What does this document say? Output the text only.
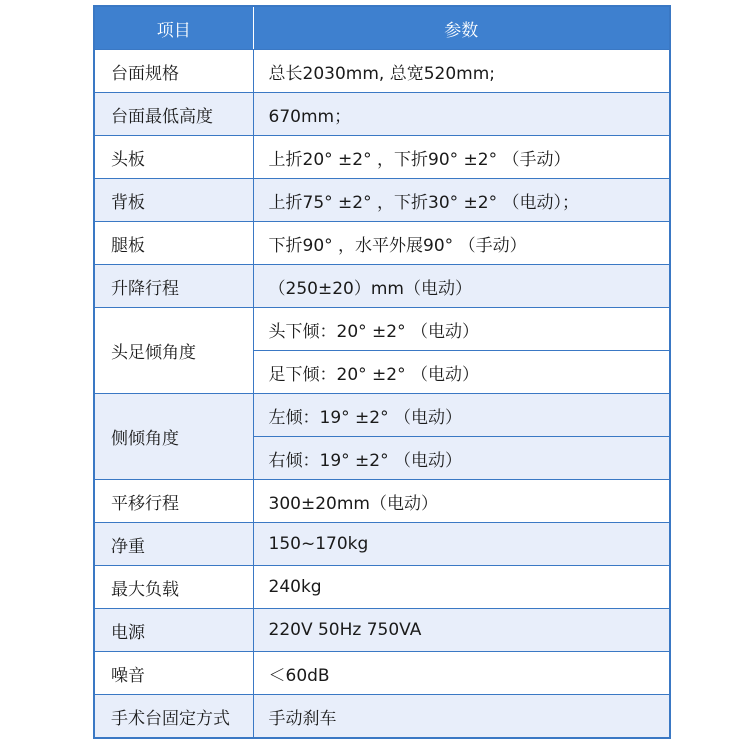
项目	参数
台面规格	总长2030mm, 总宽520mm;
台面最低高度	670mm；
头板	上折20° ±2° ，下折90° ±2° （手动）
背板	上折75° ±2° ，下折30° ±2° （电动）；
腿板	下折90° ，水平外展90° （手动）
升降行程	（250±20）mm（电动）
头足倾角度	头下倾：20° ±2° （电动）
	足下倾：20° ±2° （电动）
侧倾角度	左倾：19° ±2° （电动）
	右倾：19° ±2° （电动）
平移行程	300±20mm（电动）
净重	150~170kg
最大负载	240kg
电源	220V 50Hz 750VA
噪音	＜60dB
手术台固定方式	手动刹车
